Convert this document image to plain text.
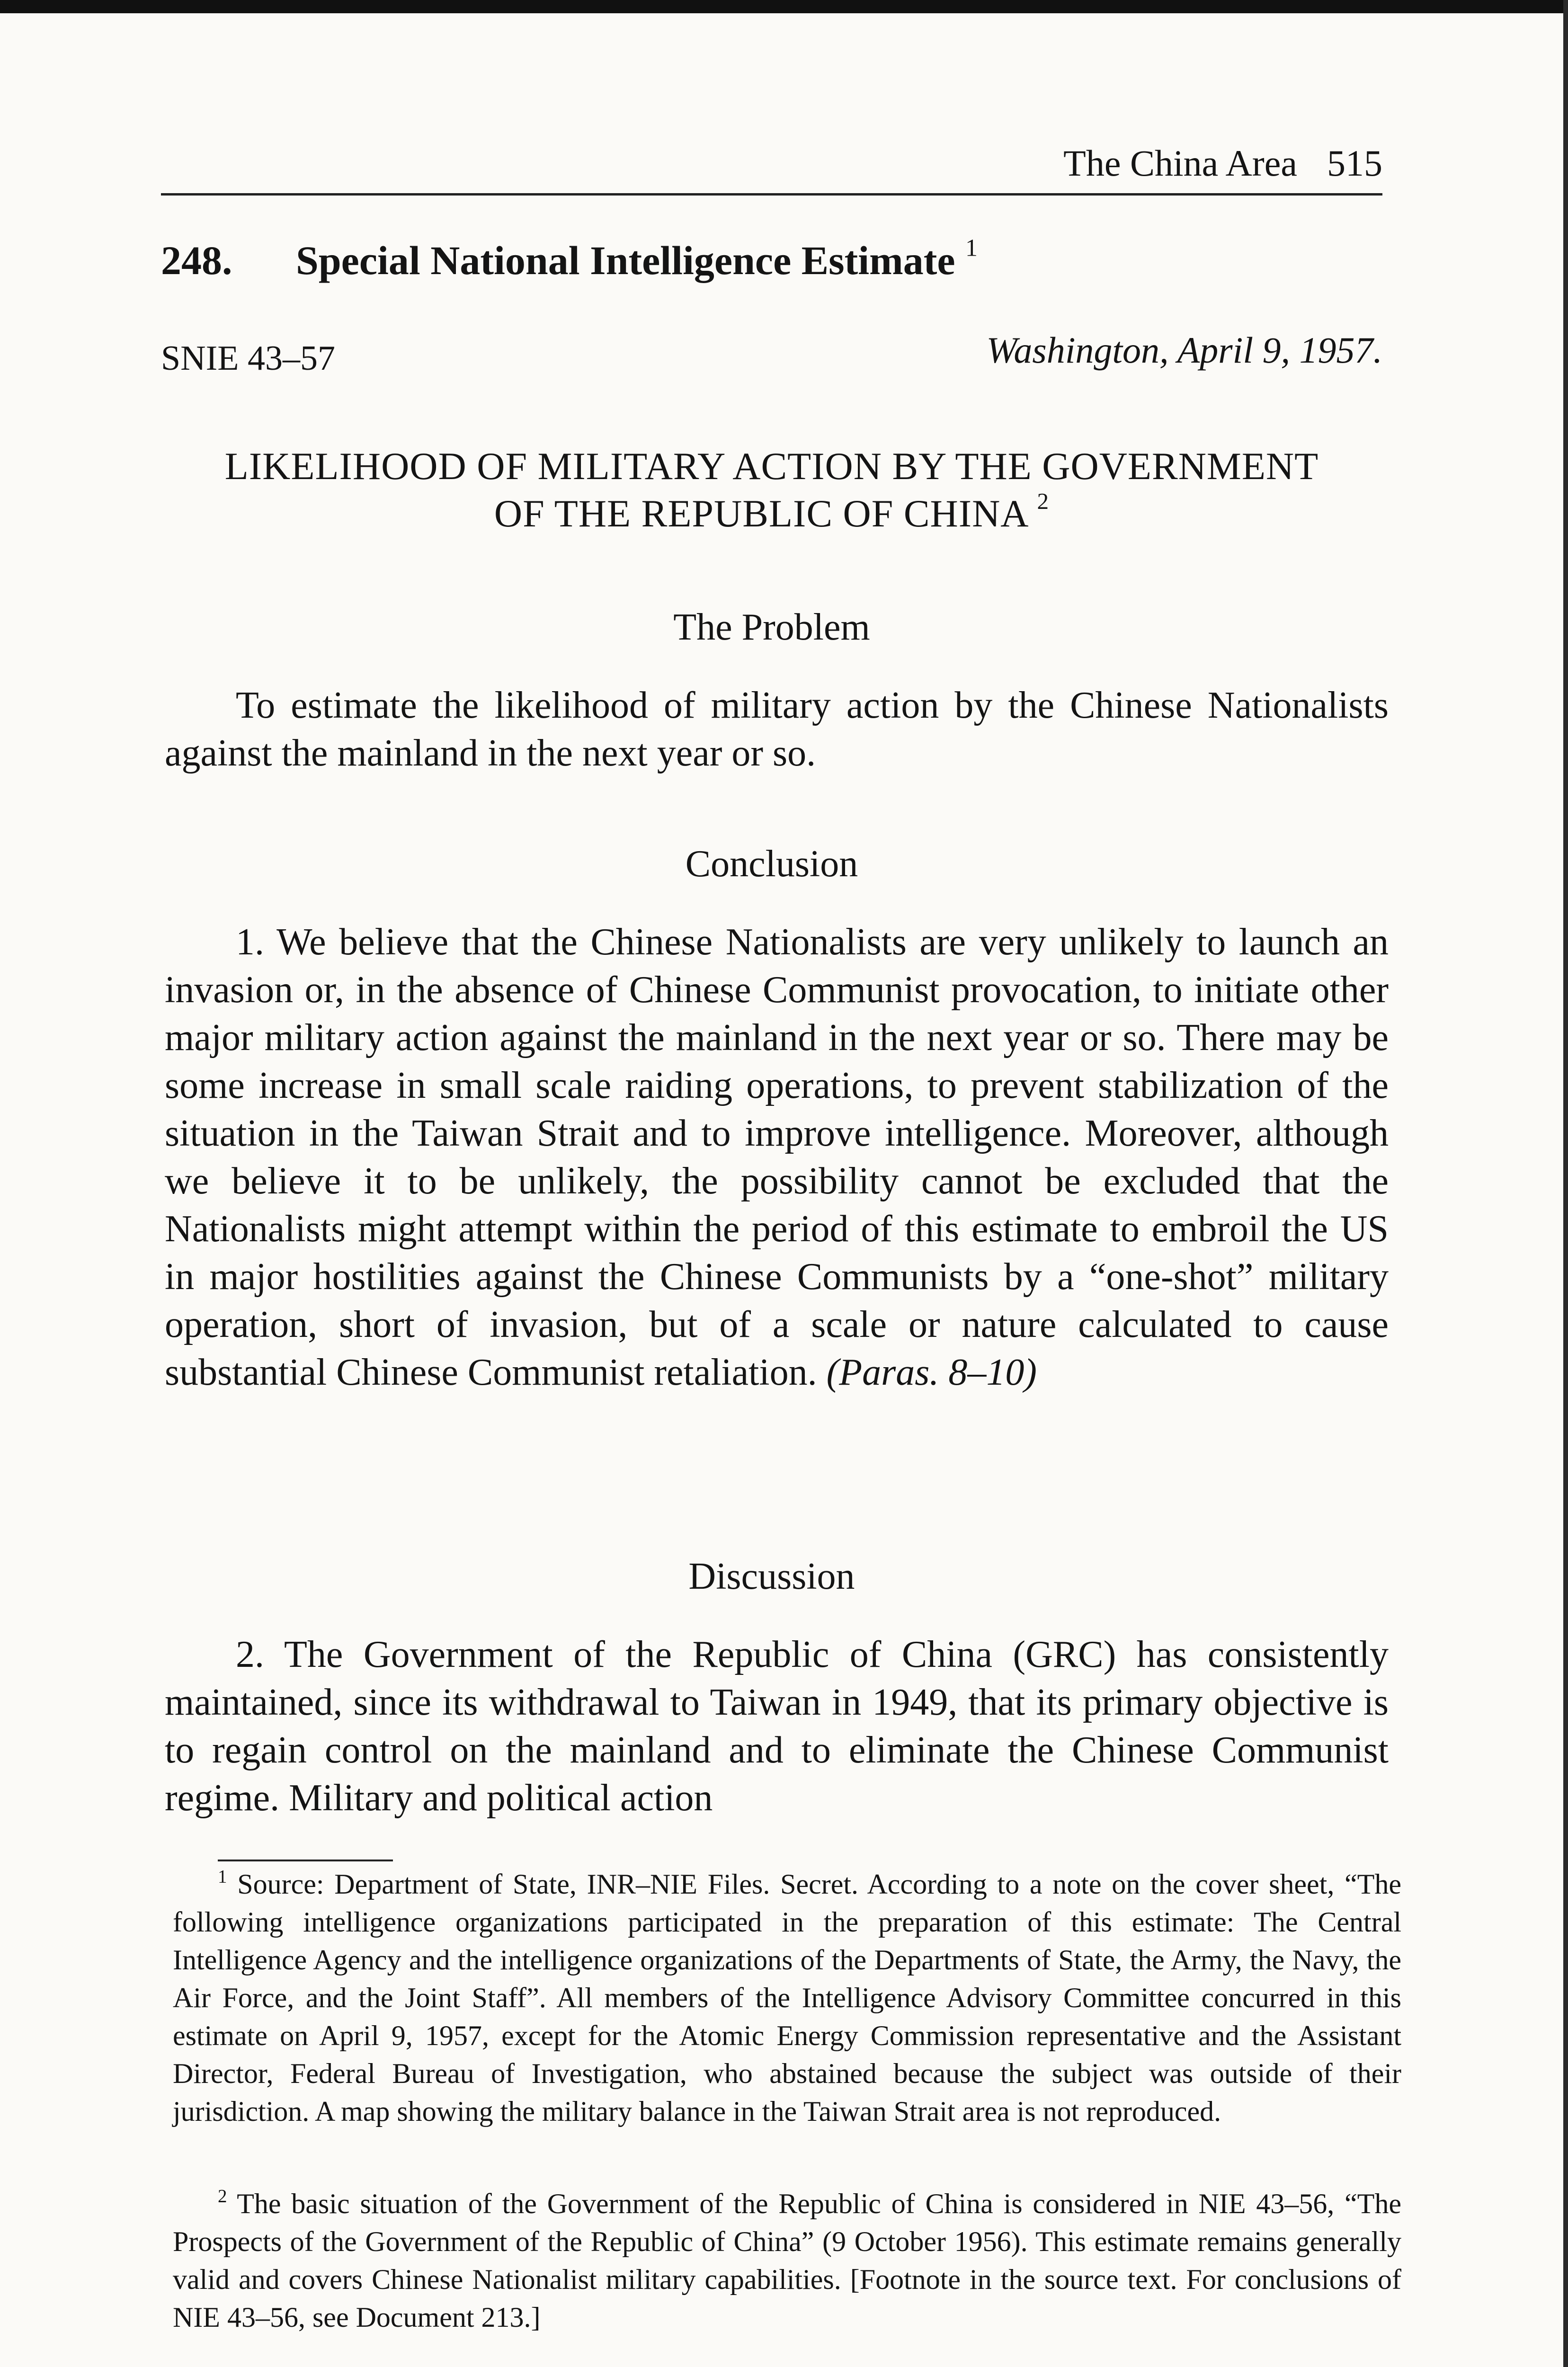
The China Area 515
248. Special National Intelligence Estimate $^1$
SNIE 43–57	Washington, April 9, 1957.
LIKELIHOOD OF MILITARY ACTION BY THE GOVERNMENT
OF THE REPUBLIC OF CHINA $^2$
The Problem
To estimate the likelihood of military action by the Chinese Nationalists against the mainland in the next year or so.
Conclusion
1. We believe that the Chinese Nationalists are very unlikely to launch an invasion or, in the absence of Chinese Communist provocation, to initiate other major military action against the mainland in the next year or so. There may be some increase in small scale raiding operations, to prevent stabilization of the situation in the Taiwan Strait and to improve intelligence. Moreover, although we believe it to be unlikely, the possibility cannot be excluded that the Nationalists might attempt within the period of this estimate to embroil the US in major hostilities against the Chinese Communists by a “one-shot” military operation, short of invasion, but of a scale or nature calculated to cause substantial Chinese Communist retaliation. (Paras. 8–10)
Discussion
2. The Government of the Republic of China (GRC) has consistently maintained, since its withdrawal to Taiwan in 1949, that its primary objective is to regain control on the mainland and to eliminate the Chinese Communist regime. Military and political action
$^1$ Source: Department of State, INR–NIE Files. Secret. According to a note on the cover sheet, “The following intelligence organizations participated in the preparation of this estimate: The Central Intelligence Agency and the intelligence organizations of the Departments of State, the Army, the Navy, the Air Force, and the Joint Staff”. All members of the Intelligence Advisory Committee concurred in this estimate on April 9, 1957, except for the Atomic Energy Commission representative and the Assistant Director, Federal Bureau of Investigation, who abstained because the subject was outside of their jurisdiction. A map showing the military balance in the Taiwan Strait area is not reproduced.
$^2$ The basic situation of the Government of the Republic of China is considered in NIE 43–56, “The Prospects of the Government of the Republic of China” (9 October 1956). This estimate remains generally valid and covers Chinese Nationalist military capabilities. [Footnote in the source text. For conclusions of NIE 43–56, see Document 213.]
